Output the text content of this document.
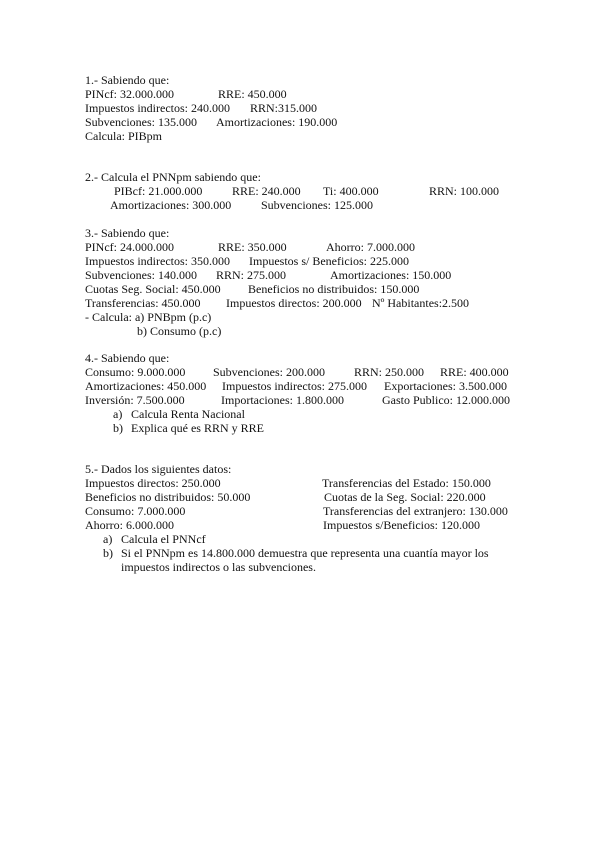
1.- Sabiendo que:
PINcf: 32.000.000	RRE: 450.000
Impuestos indirectos: 240.000 RRN:315.000
Subvenciones: 135.000 Amortizaciones: 190.000
Calcula: PIBpm
2.- Calcula el PNNpm sabiendo que:
PIBcf: 21.000.000 RRE: 240.000 Ti: 400.000	RRN: 100.000
Amortizaciones: 300.000 Subvenciones: 125.000
3.- Sabiendo que:
PINcf: 24.000.000	RRE: 350.000	Ahorro: 7.000.000
Impuestos indirectos: 350.000 Impuestos s/ Beneficios: 225.000
Subvenciones: 140.000 RRN: 275.000	Amortizaciones: 150.000
Cuotas Seg. Social: 450.000 Beneficios no distribuidos: 150.000
Transferencias: 450.000 Impuestos directos: 200.000 Nº Habitantes:2.500
- Calcula: a) PNBpm (p.c)
b) Consumo (p.c)
4.- Sabiendo que:
Consumo: 9.000.000 Subvenciones: 200.000 RRN: 250.000 RRE: 400.000
Amortizaciones: 450.000 Impuestos indirectos: 275.000 Exportaciones: 3.500.000
Inversión: 7.500.000	Importaciones: 1.800.000	Gasto Publico: 12.000.000
a) Calcula Renta Nacional
b) Explica qué es RRN y RRE
5.- Dados los siguientes datos:
Impuestos directos: 250.000	Transferencias del Estado: 150.000
Beneficios no distribuidos: 50.000	Cuotas de la Seg. Social: 220.000
Consumo: 7.000.000	Transferencias del extranjero: 130.000
Ahorro: 6.000.000	Impuestos s/Beneficios: 120.000
a) Calcula el PNNcf
b) Si el PNNpm es 14.800.000 demuestra que representa una cuantía mayor los
impuestos indirectos o las subvenciones.
